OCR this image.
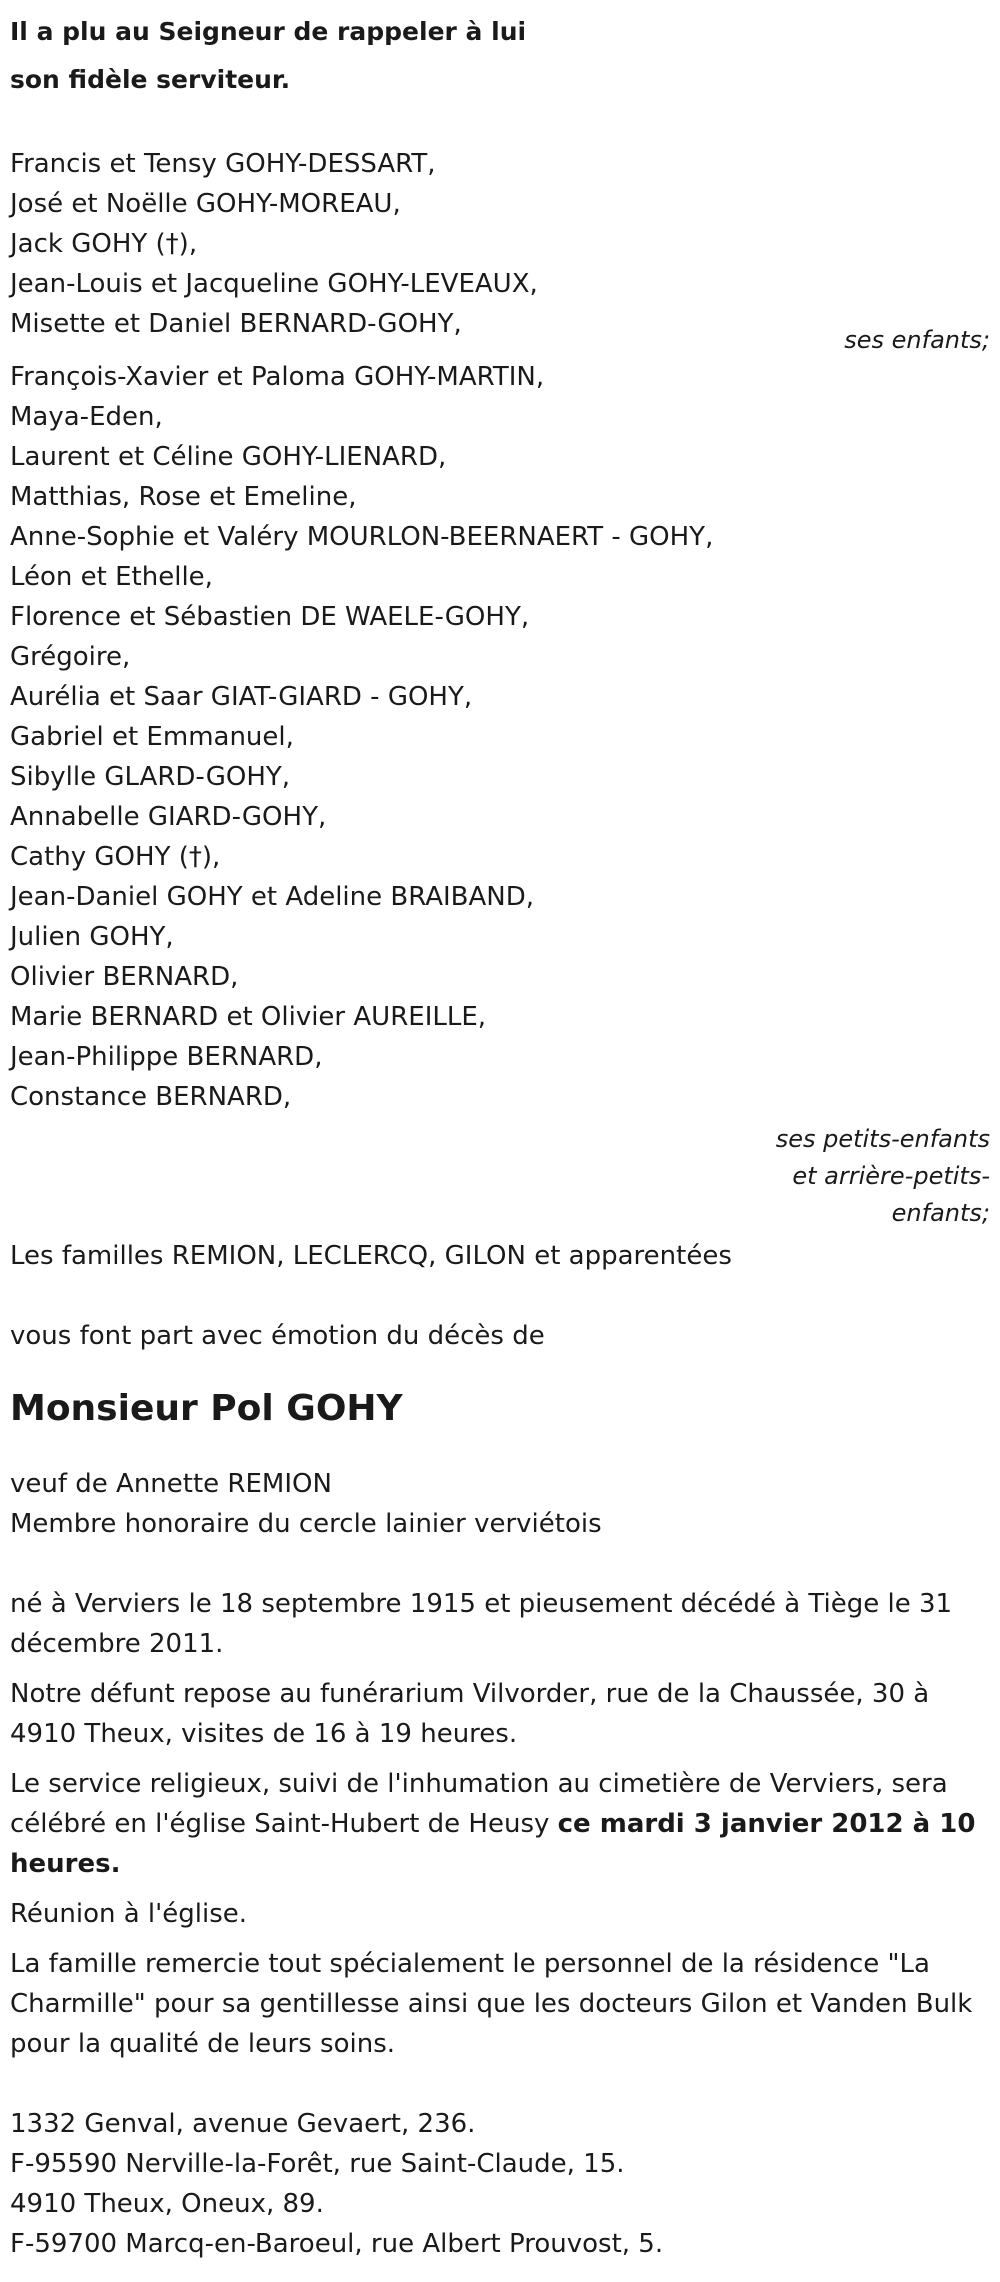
Il a plu au Seigneur de rappeler à lui

son fidèle serviteur.

Francis et Tensy GOHY-DESSART,

José et Noëlle GOHY-MOREAU,

Jack GOHY (†),

Jean-Louis et Jacqueline GOHY-LEVEAUX,

Misette et Daniel BERNARD-GOHY,

ses enfants;

François-Xavier et Paloma GOHY-MARTIN,

Maya-Eden,

Laurent et Céline GOHY-LIENARD,

Matthias, Rose et Emeline,

Anne-Sophie et Valéry MOURLON-BEERNAERT - GOHY,

Léon et Ethelle,

Florence et Sébastien DE WAELE-GOHY,

Grégoire,

Aurélia et Saar GIAT-GIARD - GOHY,

Gabriel et Emmanuel,

Sibylle GLARD-GOHY,

Annabelle GIARD-GOHY,

Cathy GOHY (†),

Jean-Daniel GOHY et Adeline BRAIBAND,

Julien GOHY,

Olivier BERNARD,

Marie BERNARD et Olivier AUREILLE,

Jean-Philippe BERNARD,

Constance BERNARD,

ses petits-enfants
et arrière-petits-
enfants;

Les familles REMION, LECLERCQ, GILON et apparentées

vous font part avec émotion du décès de

Monsieur Pol GOHY

veuf de Annette REMION

Membre honoraire du cercle lainier verviétois

né à Verviers le 18 septembre 1915 et pieusement décédé à Tiège le 31 décembre 2011.

Notre défunt repose au funérarium Vilvorder, rue de la Chaussée, 30 à 4910 Theux, visites de 16 à 19 heures.

Le service religieux, suivi de l'inhumation au cimetière de Verviers, sera célébré en l'église Saint-Hubert de Heusy ce mardi 3 janvier 2012 à 10 heures.

Réunion à l'église.

La famille remercie tout spécialement le personnel de la résidence "La Charmille" pour sa gentillesse ainsi que les docteurs Gilon et Vanden Bulk pour la qualité de leurs soins.

1332 Genval, avenue Gevaert, 236.

F-95590 Nerville-la-Forêt, rue Saint-Claude, 15.

4910 Theux, Oneux, 89.

F-59700 Marcq-en-Baroeul, rue Albert Prouvost, 5.
